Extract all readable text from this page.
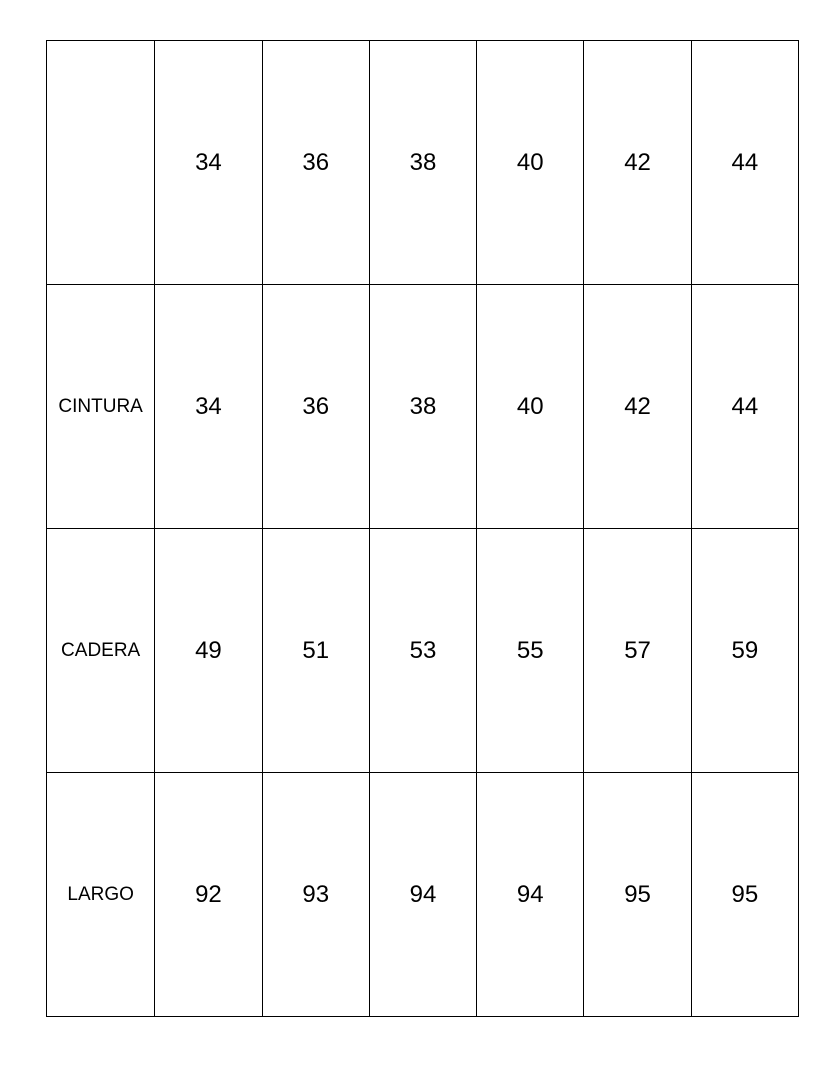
	34	36	38	40	42	44
CINTURA	34	36	38	40	42	44
CADERA	49	51	53	55	57	59
LARGO	92	93	94	94	95	95
